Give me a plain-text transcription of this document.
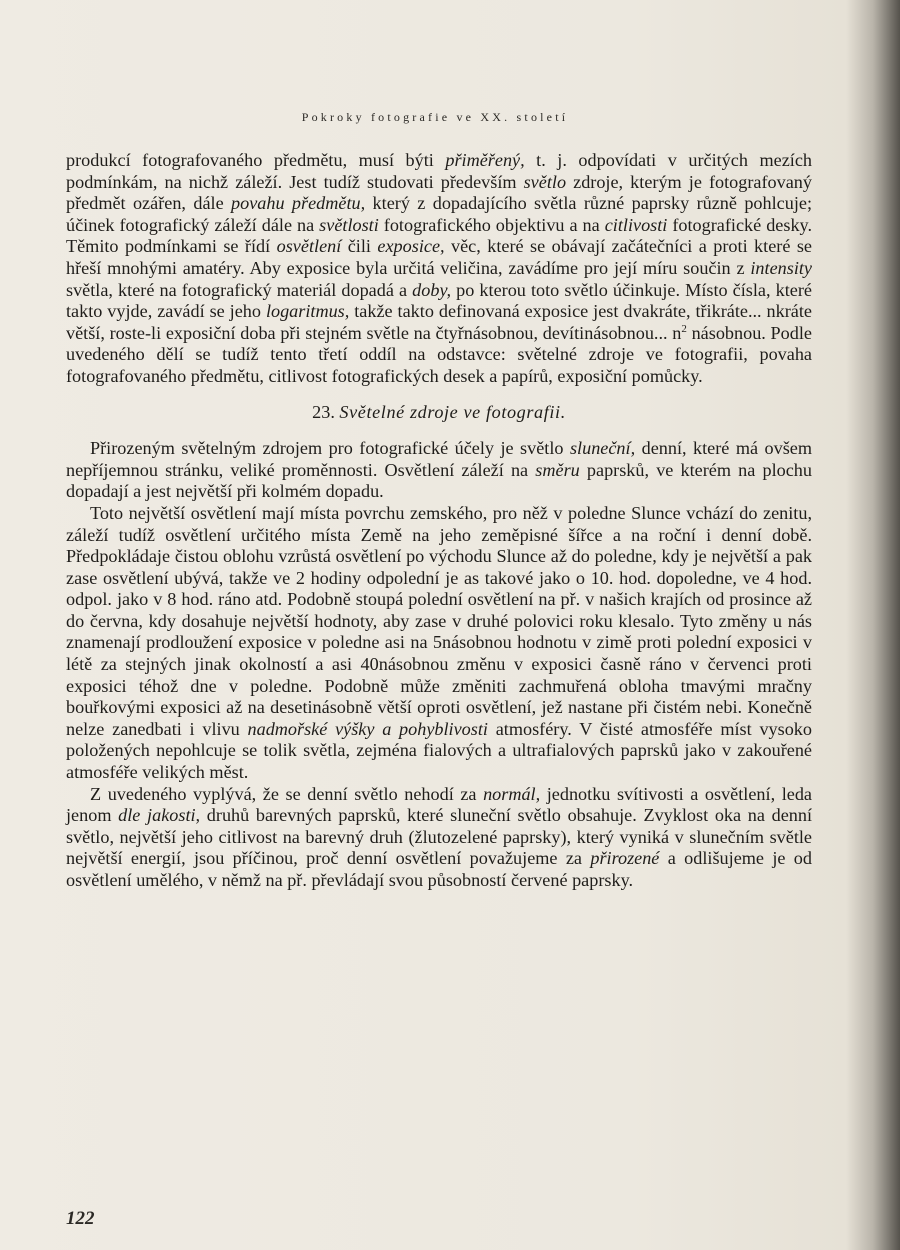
Pokroky fotografie ve XX. století

produkcí fotografovaného předmětu, musí býti přiměřený, t. j. odpovídati v určitých mezích podmínkám, na nichž záleží. Jest tudíž studovati především světlo zdroje, kterým je fotografovaný předmět ozářen, dále povahu předmětu, který z dopadajícího světla různé paprsky různě pohlcuje; účinek fotografický záleží dále na světlosti fotografického objektivu a na citlivosti fotografické desky. Těmito podmínkami se řídí osvětlení čili exposice, věc, které se obávají začátečníci a proti které se hřeší mnohými amatéry. Aby exposice byla určitá veličina, zavádíme pro její míru součin z intensity světla, které na fotografický materiál dopadá a doby, po kterou toto světlo účinkuje. Místo čísla, které takto vyjde, zavádí se jeho logaritmus, takže takto definovaná exposice jest dvakráte, třikráte... nkráte větší, roste-li exposiční doba při stejném světle na čtyřnásobnou, devítinásobnou... $n^2$ násobnou. Podle uvedeného dělí se tudíž tento třetí oddíl na odstavce: světelné zdroje ve fotografii, povaha fotografovaného předmětu, citlivost fotografických desek a papírů, exposiční pomůcky.

23. Světelné zdroje ve fotografii.

Přirozeným světelným zdrojem pro fotografické účely je světlo sluneční, denní, které má ovšem nepříjemnou stránku, veliké proměnnosti. Osvětlení záleží na směru paprsků, ve kterém na plochu dopadají a jest největší při kolmém dopadu.

Toto největší osvětlení mají místa povrchu zemského, pro něž v poledne Slunce vchází do zenitu, záleží tudíž osvětlení určitého místa Země na jeho zeměpisné šířce a na roční i denní době. Předpokládaje čistou oblohu vzrůstá osvětlení po východu Slunce až do poledne, kdy je největší a pak zase osvětlení ubývá, takže ve 2 hodiny odpolední je as takové jako o 10. hod. dopoledne, ve 4 hod. odpol. jako v 8 hod. ráno atd. Podobně stoupá polední osvětlení na př. v našich krajích od prosince až do června, kdy dosahuje největší hodnoty, aby zase v druhé polovici roku klesalo. Tyto změny u nás znamenají prodloužení exposice v poledne asi na 5násobnou hodnotu v zimě proti polední exposici v létě za stejných jinak okolností a asi 40násobnou změnu v exposici časně ráno v červenci proti exposici téhož dne v poledne. Podobně může změniti zachmuřená obloha tmavými mračny bouřkovými exposici až na desetinásobně větší oproti osvětlení, jež nastane při čistém nebi. Konečně nelze zanedbati i vlivu nadmořské výšky a pohyblivosti atmosféry. V čisté atmosféře míst vysoko položených nepohlcuje se tolik světla, zejména fialových a ultrafialových paprsků jako v zakouřené atmosféře velikých měst.

Z uvedeného vyplývá, že se denní světlo nehodí za normál, jednotku svítivosti a osvětlení, leda jenom dle jakosti, druhů barevných paprsků, které sluneční světlo obsahuje. Zvyklost oka na denní světlo, největší jeho citlivost na barevný druh (žlutozelené paprsky), který vyniká v slunečním světle největší energií, jsou příčinou, proč denní osvětlení považujeme za přirozené a odlišujeme je od osvětlení umělého, v němž na př. převládají svou působností červené paprsky.

122
